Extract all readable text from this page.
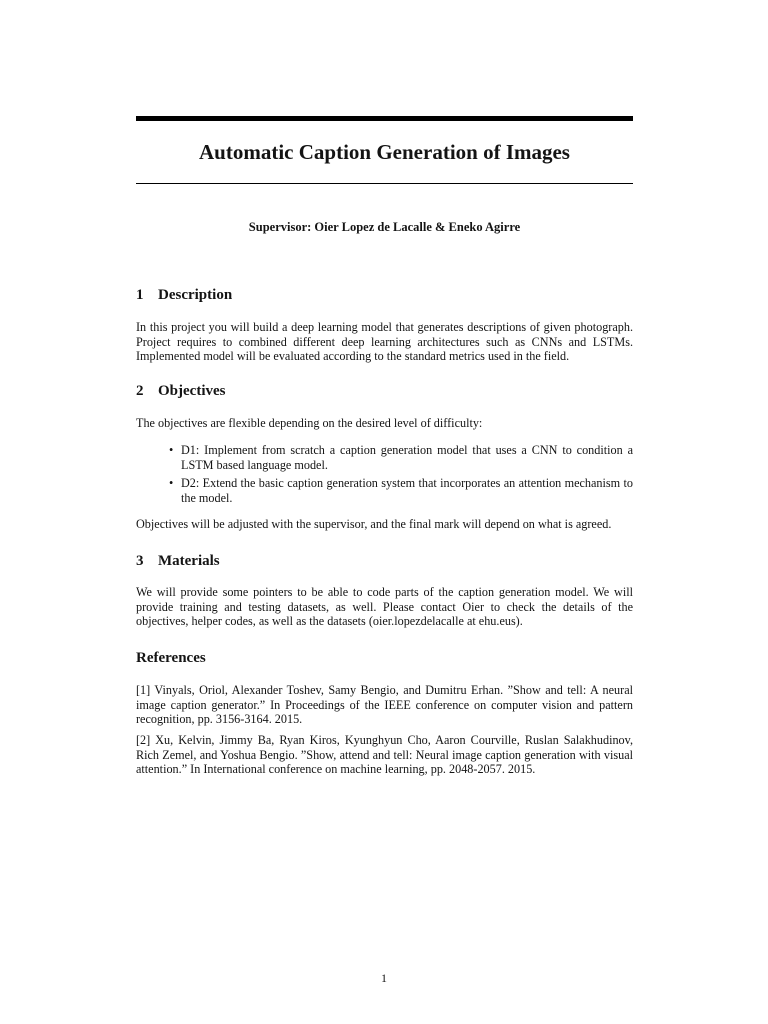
Automatic Caption Generation of Images

Supervisor: Oier Lopez de Lacalle & Eneko Agirre

1 Description

In this project you will build a deep learning model that generates descriptions of given photograph. Project requires to combined different deep learning architectures such as CNNs and LSTMs. Implemented model will be evaluated according to the standard metrics used in the field.

2 Objectives

The objectives are flexible depending on the desired level of difficulty:

• D1: Implement from scratch a caption generation model that uses a CNN to condition a LSTM based language model.
• D2: Extend the basic caption generation system that incorporates an attention mechanism to the model.

Objectives will be adjusted with the supervisor, and the final mark will depend on what is agreed.

3 Materials

We will provide some pointers to be able to code parts of the caption generation model. We will provide training and testing datasets, as well. Please contact Oier to check the details of the objectives, helper codes, as well as the datasets (oier.lopezdelacalle at ehu.eus).

References

[1] Vinyals, Oriol, Alexander Toshev, Samy Bengio, and Dumitru Erhan. ”Show and tell: A neural image caption generator.” In Proceedings of the IEEE conference on computer vision and pattern recognition, pp. 3156-3164. 2015.

[2] Xu, Kelvin, Jimmy Ba, Ryan Kiros, Kyunghyun Cho, Aaron Courville, Ruslan Salakhudinov, Rich Zemel, and Yoshua Bengio. ”Show, attend and tell: Neural image caption generation with visual attention.” In International conference on machine learning, pp. 2048-2057. 2015.

1
